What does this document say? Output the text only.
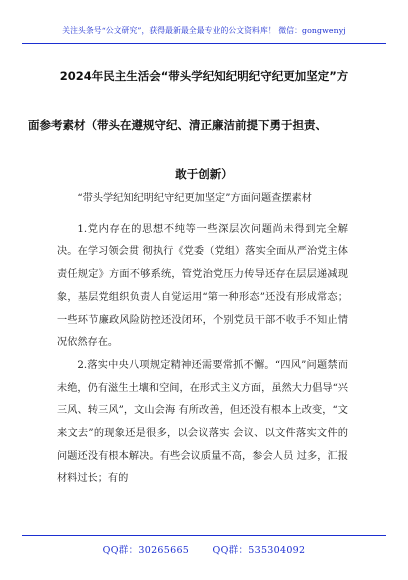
关注头条号“公文研究”，获得最新最全最专业的公文资料库！ 微信：gongwenyj
2024年民主生活会“带头学纪知纪明纪守纪更加坚定”方
面参考素材（带头在遵规守纪、清正廉洁前提下勇于担责、
敢于创新）

“带头学纪知纪明纪守纪更加坚定”方面问题查摆素材

1.党内存在的思想不纯等一些深层次问题尚未得到完全解决。在学习领会贯 彻执行《党委（党组）落实全面从严治党主体责任规定》方面不够系统，管党治党压力传导还存在层层递减现象，基层党组织负责人自觉运用“第一种形态”还没有形成常态；一些环节廉政风险防控还没闭环，个别党员干部不收手不知止情况依然存在。

2.落实中央八项规定精神还需要常抓不懈。“四风”问题禁而未绝，仍有滋生土壤和空间，在形式主义方面，虽然大力倡导“兴三风、转三风”，文山会海 有所改善，但还没有根本上改变，“文来文去”的现象还是很多，以会议落实 会议、以文件落实文件的问题还没有根本解决。有些会议质量不高，参会人员 过多，汇报材料过长；有的

QQ群：30265665 QQ群：535304092
